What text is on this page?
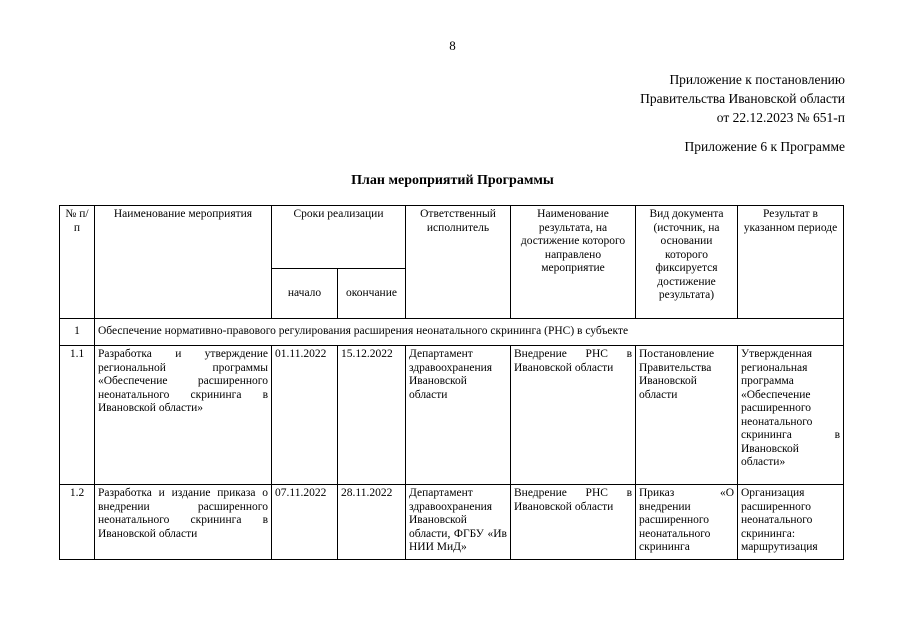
8
Приложение к постановлению
Правительства Ивановской области
от 22.12.2023 № 651-п
Приложение 6 к Программе
План мероприятий Программы
№ п/п	Наименование мероприятия	Сроки реализации		Ответственный исполнитель	Наименование результата, на достижение которого направлено мероприятие	Вид документа (источник, на основании которого фиксируется достижение результата)	Результат в указанном периоде
		начало	окончание				
1	Обеспечение нормативно-правового регулирования расширения неонатального скрининга (РНС) в субъекте						
1.1	Разработка и утверждение региональной программы «Обеспечение расширенного неонатального скрининга в Ивановской области»	01.11.2022	15.12.2022	Департамент здравоохранения Ивановской области	Внедрение РНС в Ивановской области	Постановление Правительства Ивановской области	Утвержденная региональная программа «Обеспечение расширенного неонатального скрининга в Ивановской области»
1.2	Разработка и издание приказа о внедрении расширенного неонатального скрининга в Ивановской области	07.11.2022	28.11.2022	Департамент здравоохранения Ивановской области, ФГБУ «Ив НИИ МиД»	Внедрение РНС в Ивановской области	Приказ «О внедрении расширенного неонатального скрининга	Организация расширенного неонатального скрининга: маршрутизация
